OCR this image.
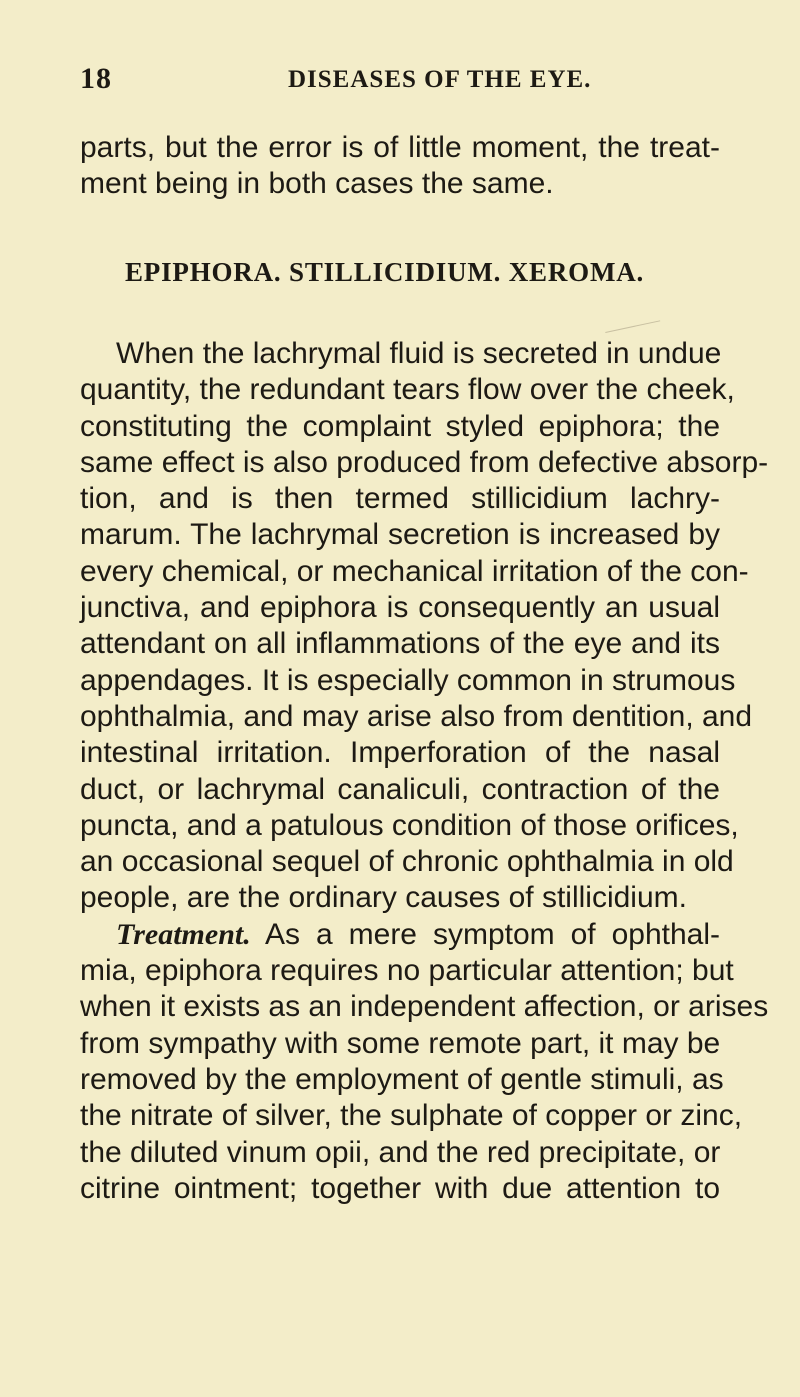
18	DISEASES OF THE EYE.
parts, but the error is of little moment, the treat-
ment being in both cases the same.
EPIPHORA. STILLICIDIUM. XEROMA.
When the lachrymal fluid is secreted in undue
quantity, the redundant tears flow over the cheek,
constituting the complaint styled epiphora; the
same effect is also produced from defective absorp-
tion, and is then termed stillicidium lachry-
marum. The lachrymal secretion is increased by
every chemical, or mechanical irritation of the con-
junctiva, and epiphora is consequently an usual
attendant on all inflammations of the eye and its
appendages. It is especially common in strumous
ophthalmia, and may arise also from dentition, and
intestinal irritation. Imperforation of the nasal
duct, or lachrymal canaliculi, contraction of the
puncta, and a patulous condition of those orifices,
an occasional sequel of chronic ophthalmia in old
people, are the ordinary causes of stillicidium.
Treatment. As a mere symptom of ophthal-
mia, epiphora requires no particular attention; but
when it exists as an independent affection, or arises
from sympathy with some remote part, it may be
removed by the employment of gentle stimuli, as
the nitrate of silver, the sulphate of copper or zinc,
the diluted vinum opii, and the red precipitate, or
citrine ointment; together with due attention to
